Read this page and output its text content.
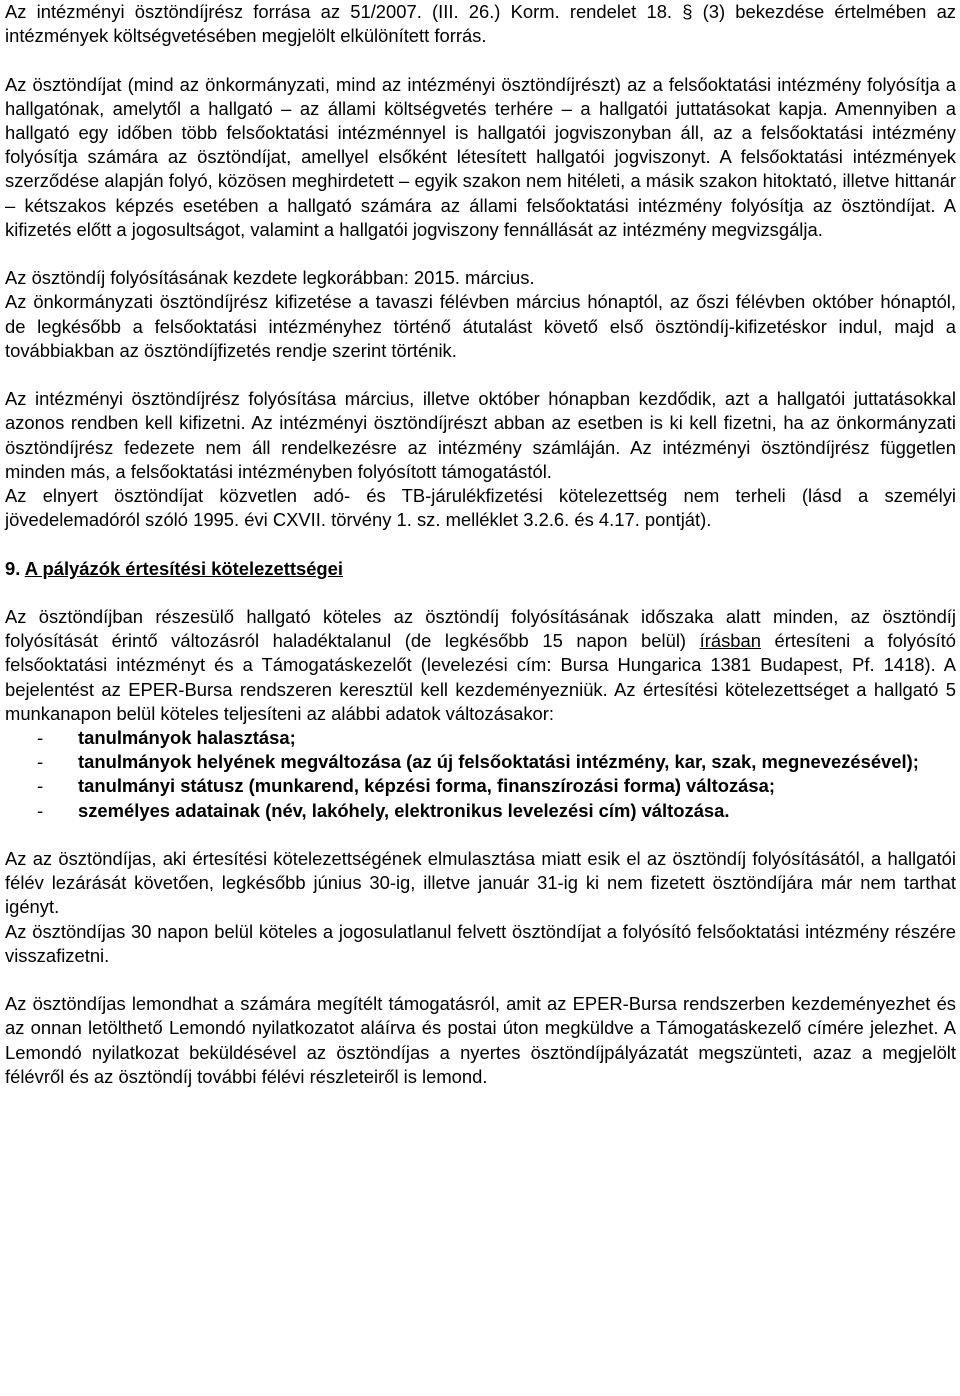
Az intézményi ösztöndíjrész forrása az 51/2007. (III. 26.) Korm. rendelet 18. § (3) bekezdése értelmében az intézmények költségvetésében megjelölt elkülönített forrás.

Az ösztöndíjat (mind az önkormányzati, mind az intézményi ösztöndíjrészt) az a felsőoktatási intézmény folyósítja a hallgatónak, amelytől a hallgató – az állami költségvetés terhére – a hallgatói juttatásokat kapja. Amennyiben a hallgató egy időben több felsőoktatási intézménnyel is hallgatói jogviszonyban áll, az a felsőoktatási intézmény folyósítja számára az ösztöndíjat, amellyel elsőként létesített hallgatói jogviszonyt. A felsőoktatási intézmények szerződése alapján folyó, közösen meghirdetett – egyik szakon nem hitéleti, a másik szakon hitoktató, illetve hittanár – kétszakos képzés esetében a hallgató számára az állami felsőoktatási intézmény folyósítja az ösztöndíjat. A kifizetés előtt a jogosultságot, valamint a hallgatói jogviszony fennállását az intézmény megvizsgálja.

Az ösztöndíj folyósításának kezdete legkorábban: 2015. március.

Az önkormányzati ösztöndíjrész kifizetése a tavaszi félévben március hónaptól, az őszi félévben október hónaptól, de legkésőbb a felsőoktatási intézményhez történő átutalást követő első ösztöndíj-kifizetéskor indul, majd a továbbiakban az ösztöndíjfizetés rendje szerint történik.

Az intézményi ösztöndíjrész folyósítása március, illetve október hónapban kezdődik, azt a hallgatói juttatásokkal azonos rendben kell kifizetni. Az intézményi ösztöndíjrészt abban az esetben is ki kell fizetni, ha az önkormányzati ösztöndíjrész fedezete nem áll rendelkezésre az intézmény számláján. Az intézményi ösztöndíjrész független minden más, a felsőoktatási intézményben folyósított támogatástól.

Az elnyert ösztöndíjat közvetlen adó- és TB-járulékfizetési kötelezettség nem terheli (lásd a személyi jövedelemadóról szóló 1995. évi CXVII. törvény 1. sz. melléklet 3.2.6. és 4.17. pontját).

9. A pályázók értesítési kötelezettségei

Az ösztöndíjban részesülő hallgató köteles az ösztöndíj folyósításának időszaka alatt minden, az ösztöndíj folyósítását érintő változásról haladéktalanul (de legkésőbb 15 napon belül) írásban értesíteni a folyósító felsőoktatási intézményt és a Támogatáskezelőt (levelezési cím: Bursa Hungarica 1381 Budapest, Pf. 1418). A bejelentést az EPER-Bursa rendszeren keresztül kell kezdeményezniük. Az értesítési kötelezettséget a hallgató 5 munkanapon belül köteles teljesíteni az alábbi adatok változásakor:

- tanulmányok halasztása;
- tanulmányok helyének megváltozása (az új felsőoktatási intézmény, kar, szak, megnevezésével);
- tanulmányi státusz (munkarend, képzési forma, finanszírozási forma) változása;
- személyes adatainak (név, lakóhely, elektronikus levelezési cím) változása.

Az az ösztöndíjas, aki értesítési kötelezettségének elmulasztása miatt esik el az ösztöndíj folyósításától, a hallgatói félév lezárását követően, legkésőbb június 30-ig, illetve január 31-ig ki nem fizetett ösztöndíjára már nem tarthat igényt.

Az ösztöndíjas 30 napon belül köteles a jogosulatlanul felvett ösztöndíjat a folyósító felsőoktatási intézmény részére visszafizetni.

Az ösztöndíjas lemondhat a számára megítélt támogatásról, amit az EPER-Bursa rendszerben kezdeményezhet és az onnan letölthető Lemondó nyilatkozatot aláírva és postai úton megküldve a Támogatáskezelő címére jelezhet. A Lemondó nyilatkozat beküldésével az ösztöndíjas a nyertes ösztöndíjpályázatát megszünteti, azaz a megjelölt félévről és az ösztöndíj további félévi részleteiről is lemond.
